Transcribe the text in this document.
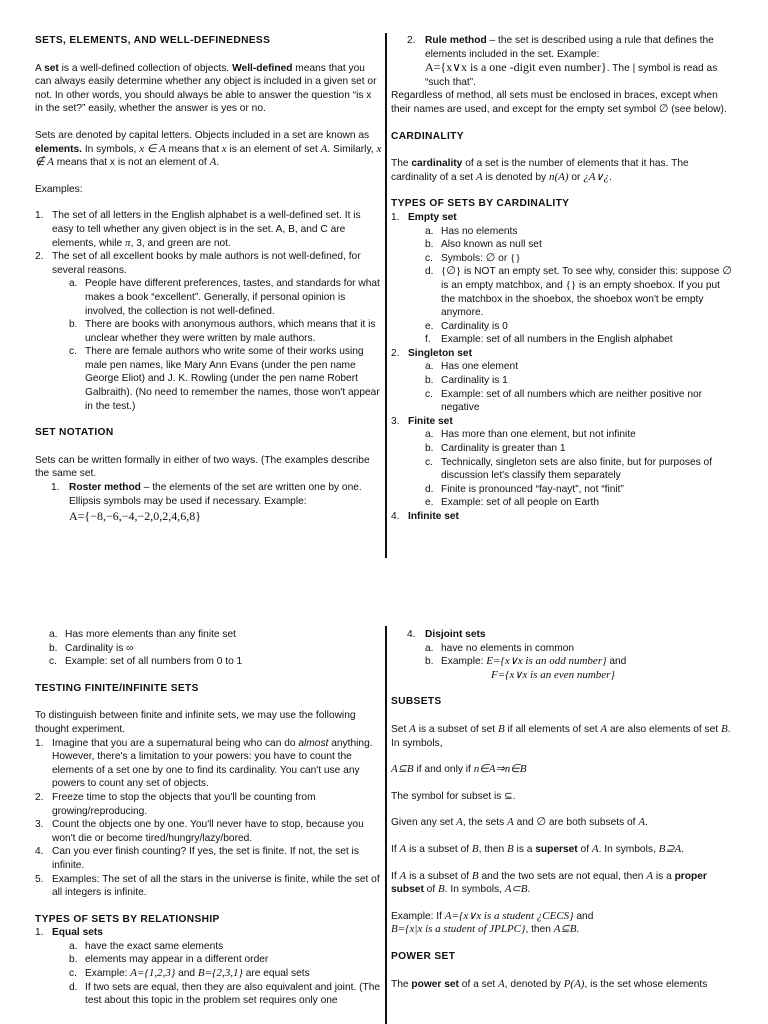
SETS, ELEMENTS, AND WELL-DEFINEDNESS

A set is a well-defined collection of objects. Well-defined means that you can always easily determine whether any object is included in a given set or not. In other words, you should always be able to answer the question “is x in the set?” easily, whether the answer is yes or no.

Sets are denoted by capital letters. Objects included in a set are known as elements. In symbols, x ∈ A means that x is an element of set A. Similarly, x ∉ A means that x is not an element of A.

Examples:

1. The set of all letters in the English alphabet is a well-defined set. It is easy to tell whether any given object is in the set. A, B, and C are elements, while π, 3, and green are not.
2. The set of all excellent books by male authors is not well-defined, for several reasons.
a. People have different preferences, tastes, and standards for what makes a book “excellent”. Generally, if personal opinion is involved, the collection is not well-defined.
b. There are books with anonymous authors, which means that it is unclear whether they were written by male authors.
c. There are female authors who write some of their works using male pen names, like Mary Ann Evans (under the pen name George Eliot) and J. K. Rowling (under the pen name Robert Galbraith). (No need to remember the names, those won't appear in the test.)
SET NOTATION

Sets can be written formally in either of two ways. (The examples describe the same set.

1. Roster method – the elements of the set are written one by one. Ellipsis symbols may be used if necessary. Example:
A={−8,−6,−4,−2,0,2,4,6,8}
2. Rule method – the set is described using a rule that defines the elements included in the set. Example:
A={x∨x is a one -digit even number}. The | symbol is read as “such that”.

Regardless of method, all sets must be enclosed in braces, except when their names are used, and except for the empty set symbol ∅ (see below).

CARDINALITY

The cardinality of a set is the number of elements that it has. The cardinality of a set A is denoted by n(A) or ¿A∨¿.

TYPES OF SETS BY CARDINALITY
1. Empty set
a. Has no elements
b. Also known as null set
c. Symbols: ∅ or {}
d. {∅} is NOT an empty set. To see why, consider this: suppose ∅ is an empty matchbox, and {} is an empty shoebox. If you put the matchbox in the shoebox, the shoebox won't be empty anymore.
e. Cardinality is 0
f. Example: set of all numbers in the English alphabet
2. Singleton set
a. Has one element
b. Cardinality is 1
c. Example: set of all numbers which are neither positive nor negative
3. Finite set
a. Has more than one element, but not infinite
b. Cardinality is greater than 1
c. Technically, singleton sets are also finite, but for purposes of discussion let's classify them separately
d. Finite is pronounced “fay-nayt”, not “finit”
e. Example: set of all people on Earth
4. Infinite set
a. Has more elements than any finite set
b. Cardinality is ∞
c. Example: set of all numbers from 0 to 1
TESTING FINITE/INFINITE SETS

To distinguish between finite and infinite sets, we may use the following thought experiment.

1. Imagine that you are a supernatural being who can do almost anything. However, there's a limitation to your powers: you have to count the elements of a set one by one to find its cardinality. You can't use any powers to count any set of objects.
2. Freeze time to stop the objects that you'll be counting from growing/reproducing.
3. Count the objects one by one. You'll never have to stop, because you won't die or become tired/hungry/lazy/bored.
4. Can you ever finish counting? If yes, the set is finite. If not, the set is infinite.
5. Examples: The set of all the stars in the universe is finite, while the set of all integers is infinite.
TYPES OF SETS BY RELATIONSHIP
1. Equal sets
a. have the exact same elements
b. elements may appear in a different order
c. Example: A={1,2,3} and B={2,3,1} are equal sets
d. If two sets are equal, then they are also equivalent and joint. (The test about this topic in the problem set requires only one
4. Disjoint sets
a. have no elements in common
b. Example: E={x∨x is an odd number} and
F={x∨x is an even number}
SUBSETS

Set A is a subset of set B if all elements of set A are also elements of set B. In symbols,

A⊆B if and only if n∈A⇒n∈B

The symbol for subset is ⊆.

Given any set A, the sets A and ∅ are both subsets of A.

If A is a subset of B, then B is a superset of A. In symbols, B⊇A.

If A is a subset of B and the two sets are not equal, then A is a proper subset of B. In symbols, A⊂B.

Example: If A={x∨x is a student ¿CECS} and
B={x|x is a student of JPLPC}, then A⊆B.

POWER SET

The power set of a set A, denoted by P(A), is the set whose elements
